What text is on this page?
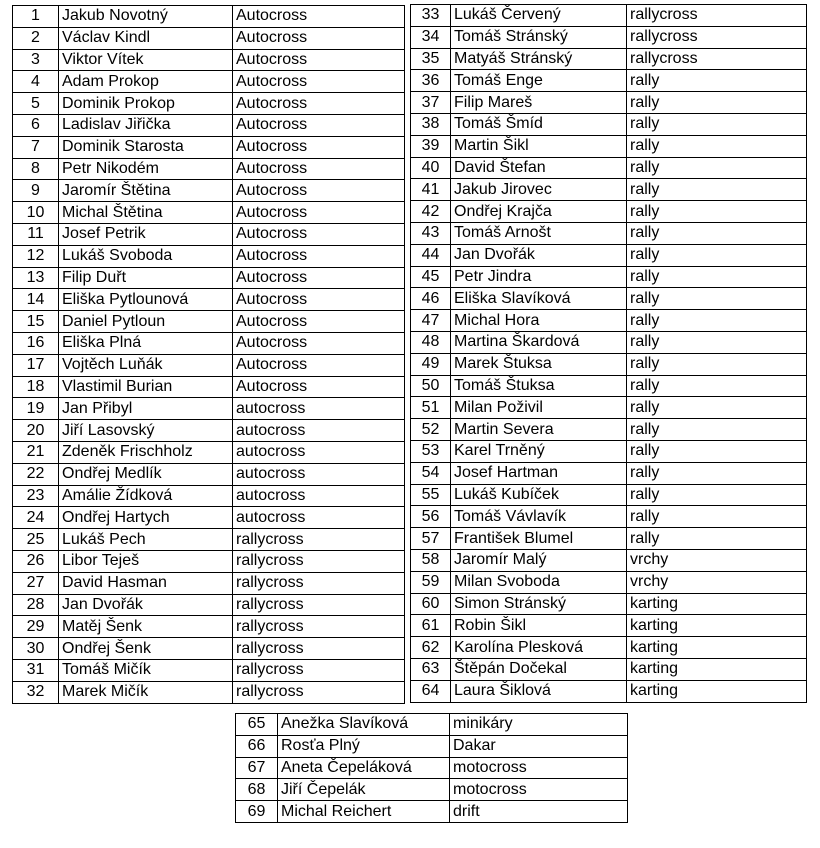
1	Jakub Novotný	Autocross
2	Václav Kindl	Autocross
3	Viktor Vítek	Autocross
4	Adam Prokop	Autocross
5	Dominik Prokop	Autocross
6	Ladislav Jiřička	Autocross
7	Dominik Starosta	Autocross
8	Petr Nikodém	Autocross
9	Jaromír Štětina	Autocross
10	Michal Štětina	Autocross
11	Josef Petrik	Autocross
12	Lukáš Svoboda	Autocross
13	Filip Duřt	Autocross
14	Eliška Pytlounová	Autocross
15	Daniel Pytloun	Autocross
16	Eliška Plná	Autocross
17	Vojtěch Luňák	Autocross
18	Vlastimil Burian	Autocross
19	Jan Přibyl	autocross
20	Jiří Lasovský	autocross
21	Zdeněk Frischholz	autocross
22	Ondřej Medlík	autocross
23	Amálie Žídková	autocross
24	Ondřej Hartych	autocross
25	Lukáš Pech	rallycross
26	Libor Teješ	rallycross
27	David Hasman	rallycross
28	Jan Dvořák	rallycross
29	Matěj Šenk	rallycross
30	Ondřej Šenk	rallycross
31	Tomáš Mičík	rallycross
32	Marek Mičík	rallycross
33	Lukáš Červený	rallycross
34	Tomáš Stránský	rallycross
35	Matyáš Stránský	rallycross
36	Tomáš Enge	rally
37	Filip Mareš	rally
38	Tomáš Šmíd	rally
39	Martin Šikl	rally
40	David Štefan	rally
41	Jakub Jirovec	rally
42	Ondřej Krajča	rally
43	Tomáš Arnošt	rally
44	Jan Dvořák	rally
45	Petr Jindra	rally
46	Eliška Slavíková	rally
47	Michal Hora	rally
48	Martina Škardová	rally
49	Marek Štuksa	rally
50	Tomáš Štuksa	rally
51	Milan Poživil	rally
52	Martin Severa	rally
53	Karel Trněný	rally
54	Josef Hartman	rally
55	Lukáš Kubíček	rally
56	Tomáš Vávlavík	rally
57	František Blumel	rally
58	Jaromír Malý	vrchy
59	Milan Svoboda	vrchy
60	Simon Stránský	karting
61	Robin Šikl	karting
62	Karolína Plesková	karting
63	Štěpán Dočekal	karting
64	Laura Šiklová	karting
65	Anežka Slavíková	minikáry
66	Rosťa Plný	Dakar
67	Aneta Čepeláková	motocross
68	Jiří Čepelák	motocross
69	Michal Reichert	drift
